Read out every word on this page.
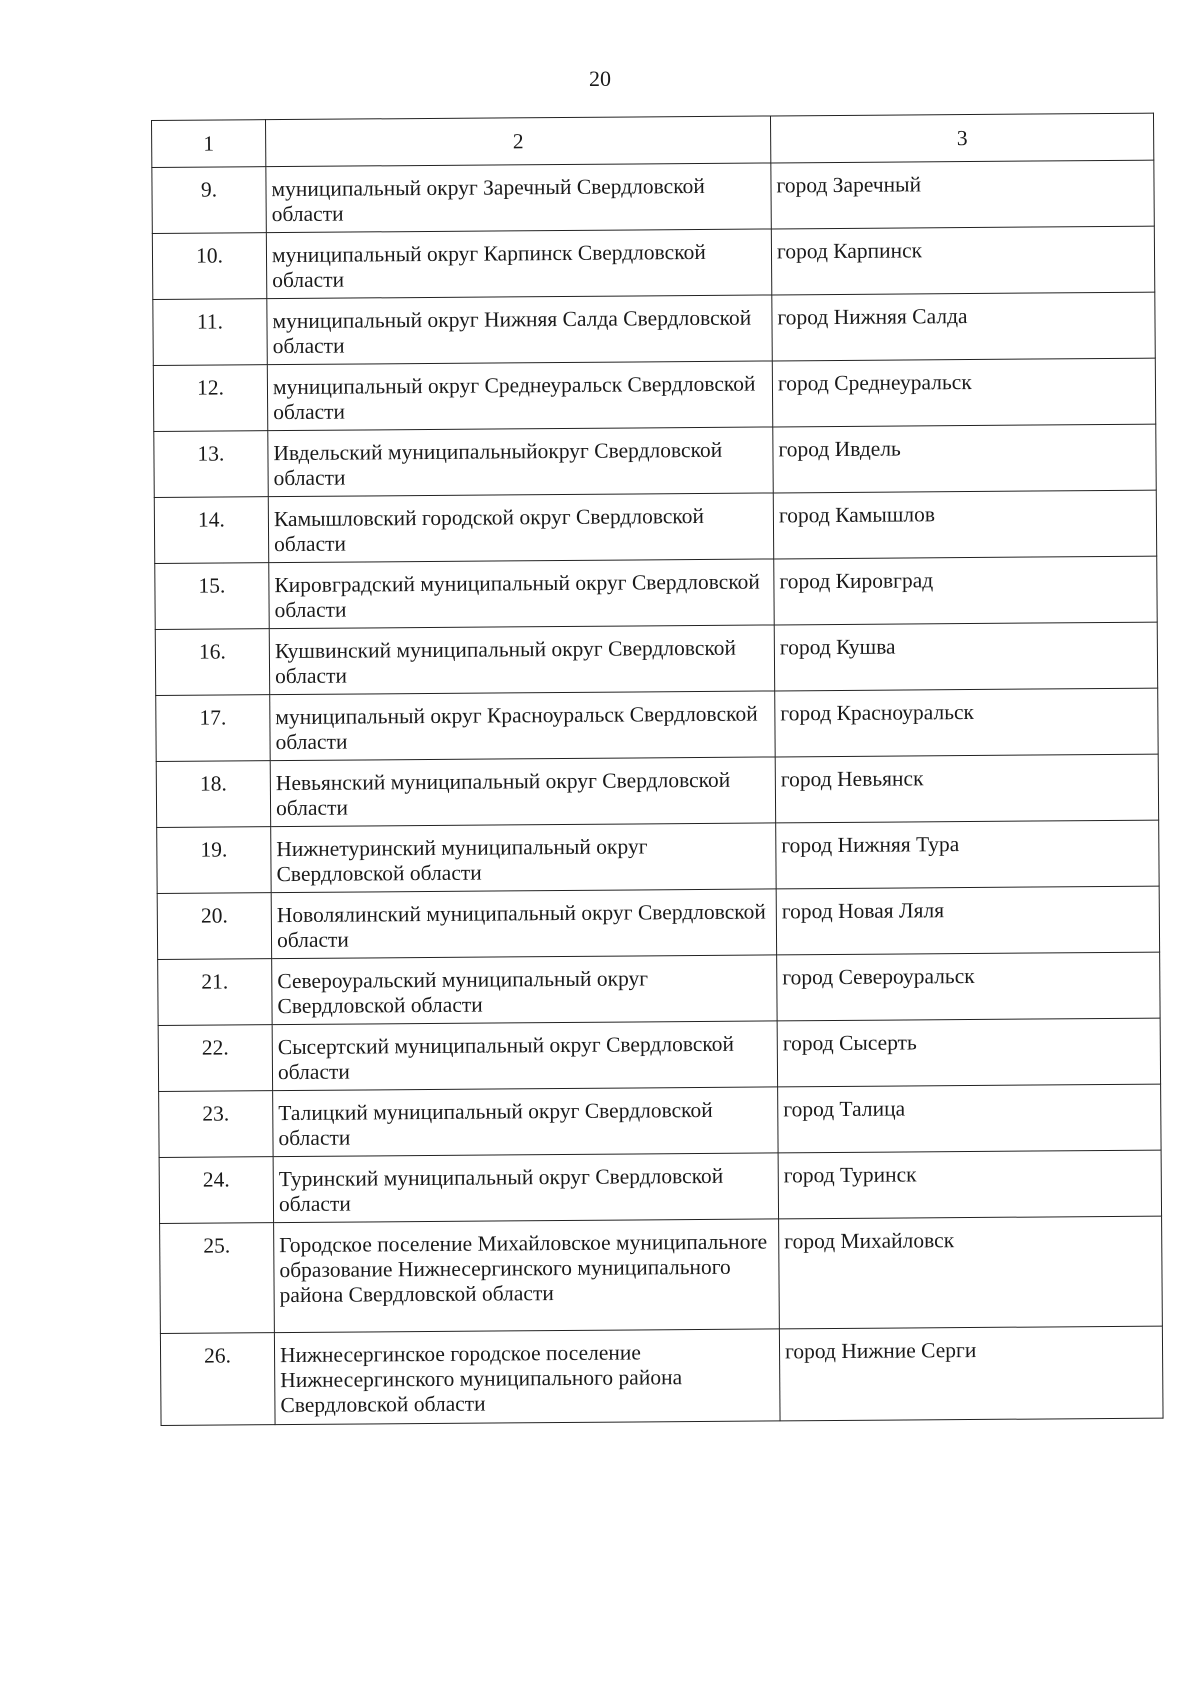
20
1	2	3
9.	муниципальный округ Заречный Свердловской области	город Заречный
10.	муниципальный округ Карпинск Свердловской области	город Карпинск
11.	муниципальный округ Нижняя Салда Свердловской области	город Нижняя Салда
12.	муниципальный округ Среднеуральск Свердловской области	город Среднеуральск
13.	Ивдельский муниципальныйокруг Свердловской области	город Ивдель
14.	Камышловский городской округ Свердловской области	город Камышлов
15.	Кировградский муниципальный округ Свердловской области	город Кировград
16.	Кушвинский муниципальный округ Свердловской области	город Кушва
17.	муниципальный округ Красноуральск Свердловской области	город Красноуральск
18.	Невьянский муниципальный округ Свердловской области	город Невьянск
19.	Нижнетуринский муниципальный округ Свердловской области	город Нижняя Тура
20.	Новолялинский муниципальный округ Свердловской области	город Новая Ляля
21.	Североуральский муниципальный округ Свердловской области	город Североуральск
22.	Сысертский муниципальный округ Свердловской области	город Сысерть
23.	Талицкий муниципальный округ Свердловской области	город Талица
24.	Туринский муниципальный округ Свердловской области	город Туринск
25.	Городское поселение Михайловское муниципальнore образование Нижнесергинского муниципального района Свердловской области	город Михайловск
26.	Нижнесергинское городское поселение Нижнесергинского муниципального района Свердловской области	город Нижние Серги
